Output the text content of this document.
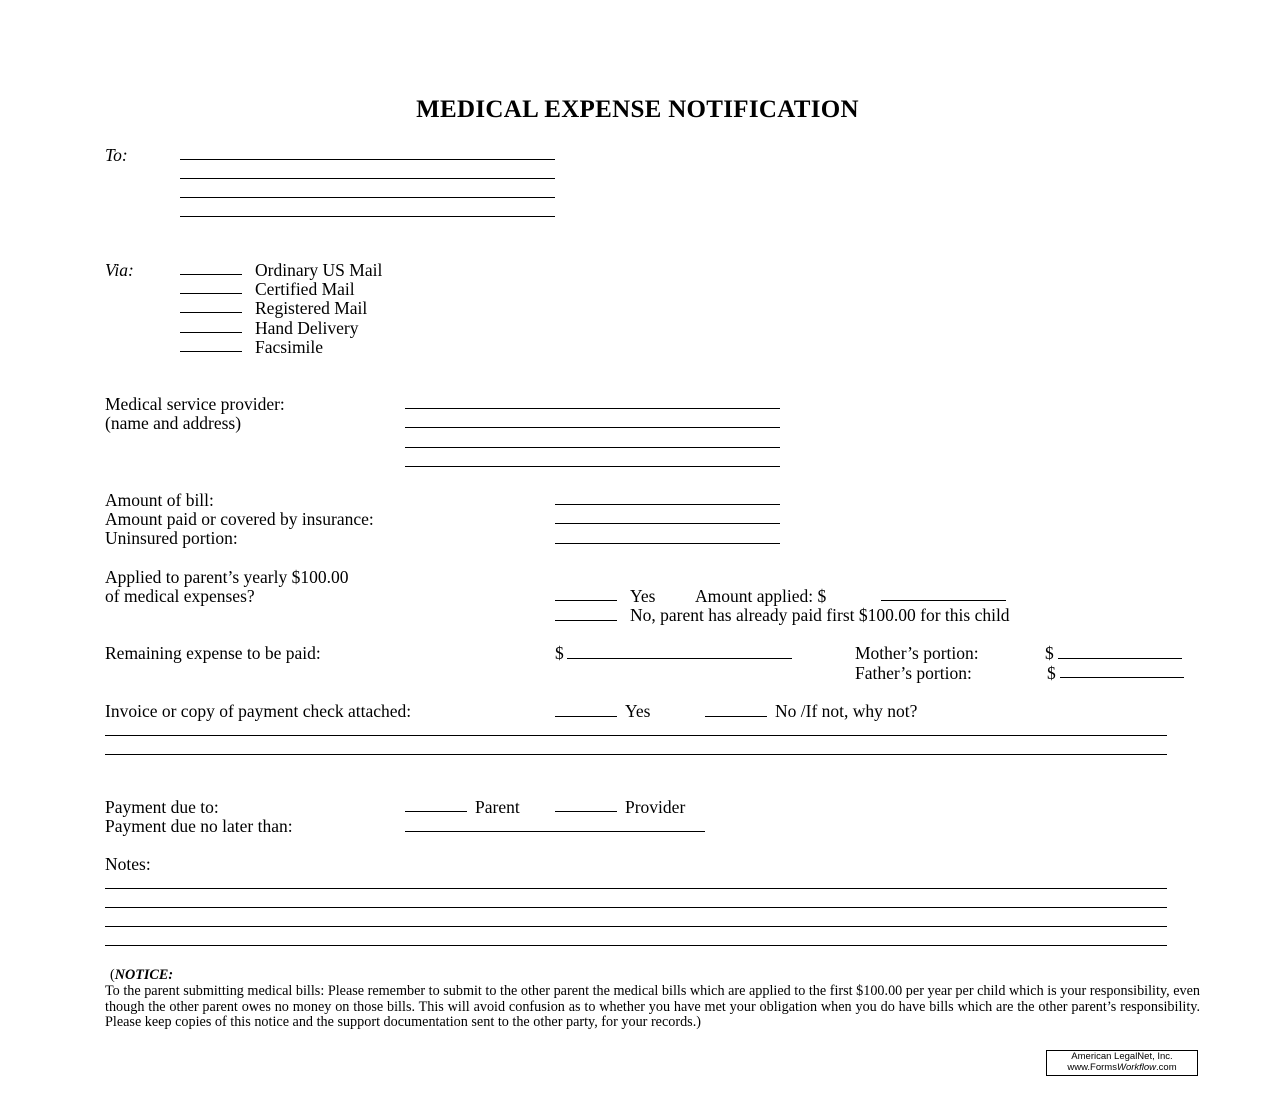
MEDICAL EXPENSE NOTIFICATION
To:
Via:	Ordinary US Mail
Certified Mail
Registered Mail
Hand Delivery
Facsimile
Medical service provider:
(name and address)
Amount of bill:
Amount paid or covered by insurance:
Uninsured portion:
Applied to parent’s yearly $100.00
of medical expenses?	Yes Amount applied: $
No, parent has already paid first $100.00 for this child
Remaining expense to be paid:	$	Mother’s portion:	$
Father’s portion:	$
Invoice or copy of payment check attached:	Yes	No /If not, why not?
Payment due to:	Parent	Provider
Payment due no later than:
Notes:
(NOTICE:
To the parent submitting medical bills: Please remember to submit to the other parent the medical bills which are applied to the first $100.00 per year per child which is your responsibility, even though the other parent owes no money on those bills. This will avoid confusion as to whether you have met your obligation when you do have bills which are the other parent’s responsibility. Please keep copies of this notice and the support documentation sent to the other party, for your records.)
American LegalNet, Inc.
www.FormsWorkflow.com
